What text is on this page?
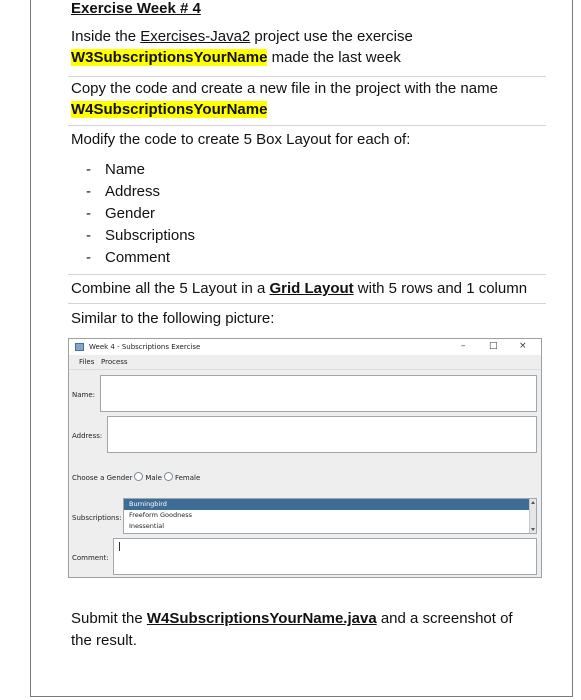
Exercise Week # 4
Inside the Exercises-Java2 project use the exercise
W3SubscriptionsYourName made the last week
Copy the code and create a new file in the project with the name
W4SubscriptionsYourName
Modify the code to create 5 Box Layout for each of:
- Name
- Address
- Gender
- Subscriptions
- Comment
Combine all the 5 Layout in a Grid Layout with 5 rows and 1 column
Similar to the following picture:
Week 4 - Subscriptions Exercise	–	□ ×
Files Process
Name:
Address:
Choose a Gender Male Female
Subscriptions:
Burningbird
Freeform Goodness
Inessential
Comment:
Submit the W4SubscriptionsYourName.java and a screenshot of
the result.
